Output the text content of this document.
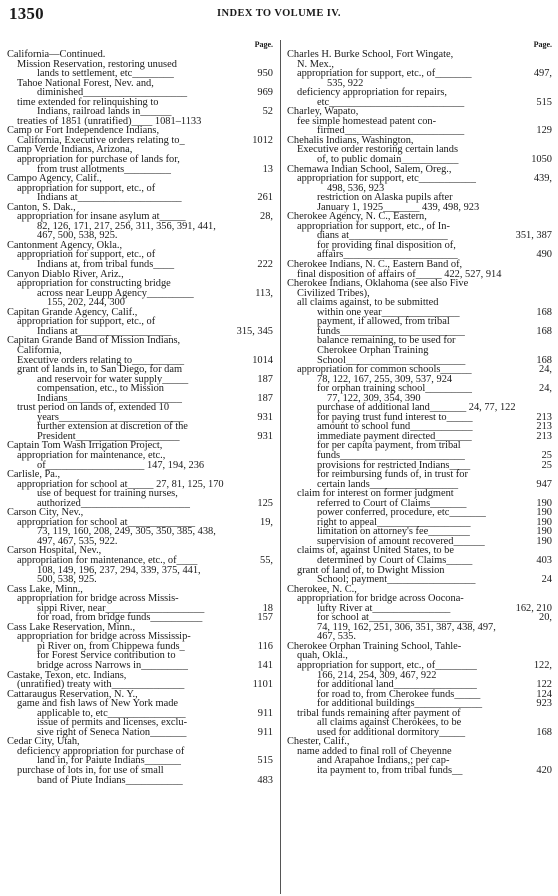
1350	INDEX TO VOLUME IV.
Page.
California—Continued.
Mission Reservation, restoring unused
lands to settlement, etc________	950
Tahoe National Forest, Nev. and,
diminished____________________	969
time extended for relinquishing to
Indians, railroad lands in______	52
treaties of 1851 (unratified)____ 1081–1133
Camp or Fort Independence Indians,
California, Executive orders relating to_	1012
Camp Verde Indians, Arizona,
appropriation for purchase of lands for,
from trust allotments_________	13
Campo Agency, Calif.,
appropriation for support, etc., of
Indians at____________________	261
Canton, S. Dak.,
appropriation for insane asylum at_____	28,
82, 126, 171, 217, 256, 311, 356, 391, 441,
467, 500, 538, 925.
Cantonment Agency, Okla.,
appropriation for support, etc., of
Indians at, from tribal funds____	222
Canyon Diablo River, Ariz.,
appropriation for constructing bridge
across near Leupp Agency_________	113,
155, 202, 244, 300
Capitan Grande Agency, Calif.,
appropriation for support, etc., of
Indians at__________________	315, 345
Capitan Grande Band of Mission Indians,
California,
Executive orders relating to__________	1014
grant of lands in, to San Diego, for dam
and reservoir for water supply_____	187
compensation, etc., to Mission
Indians______________________	187
trust period on lands of, extended 10
years________________________	931
further extension at discretion of the
President____________________	931
Captain Tom Wash Irrigation Project,
appropriation for maintenance, etc.,
of___________________ 147, 194, 236
Carlisle, Pa.,
appropriation for school at_____ 27, 81, 125, 170
use of bequest for training nurses,
authorized_____________________	125
Carson City, Nev.,
appropriation for school at_____________	19,
73, 119, 160, 208, 249, 305, 350, 385, 438,
497, 467, 535, 922.
Carson Hospital, Nev.,
appropriation for maintenance, etc., of____	55,
108, 149, 196, 237, 294, 339, 375, 441,
500, 538, 925.
Cass Lake, Minn.,
appropriation for bridge across Missis-
sippi River, near___________________	18
for road, from bridge funds__________	157
Cass Lake Reservation, Minn.,
appropriation for bridge across Mississip-
pi River on, from Chippewa funds_	116
for Forest Service contribution to
bridge across Narrows in_________	141
Castake, Texon, etc. Indians,
(unratified) treaty with______________	1101
Cattaraugus Reservation, N. Y.,
game and fish laws of New York made
applicable to, etc_______________	911
issue of permits and licenses, exclu-
sive right of Seneca Nation_______	911
Cedar City, Utah,
deficiency appropriation for purchase of
land in, for Paiute Indians_______	515
purchase of lots in, for use of small
band of Piute Indians___________	483
Page.
Charles H. Burke School, Fort Wingate,
N. Mex.,
appropriation for support, etc., of_______	497,
535, 922
deficiency appropriation for repairs,
etc__________________________	515
Charley, Wapato,
fee simple homestead patent con-
firmed_______________________	129
Chehalis Indians, Washington,
Executive order restoring certain lands
of, to public domain___________	1050
Chemawa Indian School, Salem, Oreg.,
appropriation for support, etc___________	439,
498, 536, 923
restriction on Alaska pupils after
January 1, 1925_______ 439, 498, 923
Cherokee Agency, N. C., Eastern,
appropriation for support, etc., of In-
dians at___________________	351, 387
for providing final disposition of,
affairs______________________	490
Cherokee Indians, N. C., Eastern Band of,
final disposition of affairs of_____ 422, 527, 914
Cherokee Indians, Oklahoma (see also Five
Civilized Tribes),
all claims against, to be submitted
within one year_______________	168
payment, if allowed, from tribal
funds________________________	168
balance remaining, to be used for
Cherokee Orphan Training
School_______________________	168
appropriation for common schools______	24,
78, 122, 167, 255, 309, 537, 924
for orphan training school_________	24,
77, 122, 309, 354, 390
purchase of additional land_______ 24, 77, 122
for paying trust fund interest to_____	213
amount to school fund____________	213
immediate payment directed_______	213
for per capita payment, from tribal
funds________________________	25
provisions for restricted Indians____	25
for reimbursing funds of, in trust for
certain lands_________________	947
claim for interest on former judgment
referred to Court of Claims_______	190
power conferred, procedure, etc_______	190
right to appeal__________________	190
limitation on attorney's fee________	190
supervision of amount recovered______	190
claims of, against United States, to be
determined by Court of Claims_____	403
grant of land of, to Dwight Mission
School; payment_________________	24
Cherokee, N. C.,
appropriation for bridge across Oocona-
lufty River at_______________	162, 210
for school at____________________	20,
74, 119, 162, 251, 306, 351, 387, 438, 497,
467, 535.
Cherokee Orphan Training School, Tahle-
quah, Okla.,
appropriation for support, etc., of________	122,
166, 214, 254, 309, 467, 922
for additional land________________	122
for road to, from Cherokee funds_____	124
for additional buildings_____________	923
tribal funds remaining after payment of
all claims against Cherokees, to be
used for additional dormitory_____	168
Chester, Calif.,
name added to final roll of Cheyenne
and Arapahoe Indians,; per cap-
ita payment to, from tribal funds__	420
